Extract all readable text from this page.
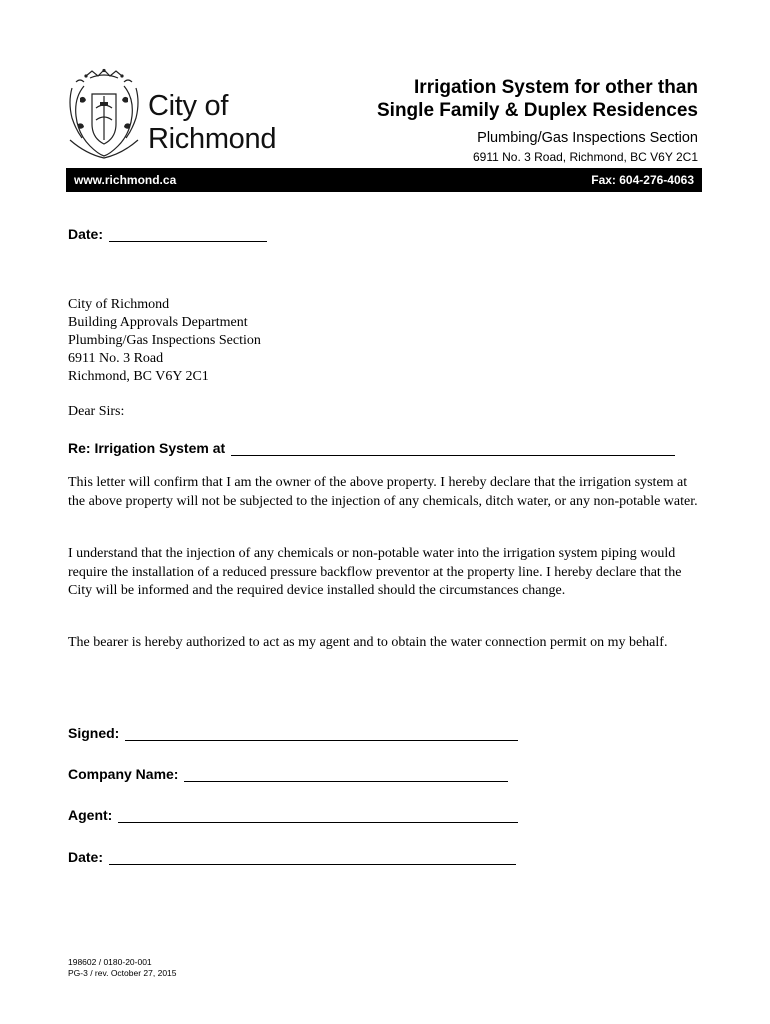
City of
Richmond
Irrigation System for other than
Single Family & Duplex Residences
Plumbing/Gas Inspections Section
6911 No. 3 Road, Richmond, BC V6Y 2C1
www.richmond.ca	Fax: 604-276-4063
Date:
City of Richmond
Building Approvals Department
Plumbing/Gas Inspections Section
6911 No. 3 Road
Richmond, BC V6Y 2C1
Dear Sirs:
Re: Irrigation System at
This letter will confirm that I am the owner of the above property. I hereby declare that the irrigation system at the above property will not be subjected to the injection of any chemicals, ditch water, or any non-potable water.
I understand that the injection of any chemicals or non-potable water into the irrigation system piping would require the installation of a reduced pressure backflow preventor at the property line. I hereby declare that the City will be informed and the required device installed should the circumstances change.
The bearer is hereby authorized to act as my agent and to obtain the water connection permit on my behalf.
Signed:
Company Name:
Agent:
Date:
198602 / 0180-20-001
PG-3 / rev. October 27, 2015
